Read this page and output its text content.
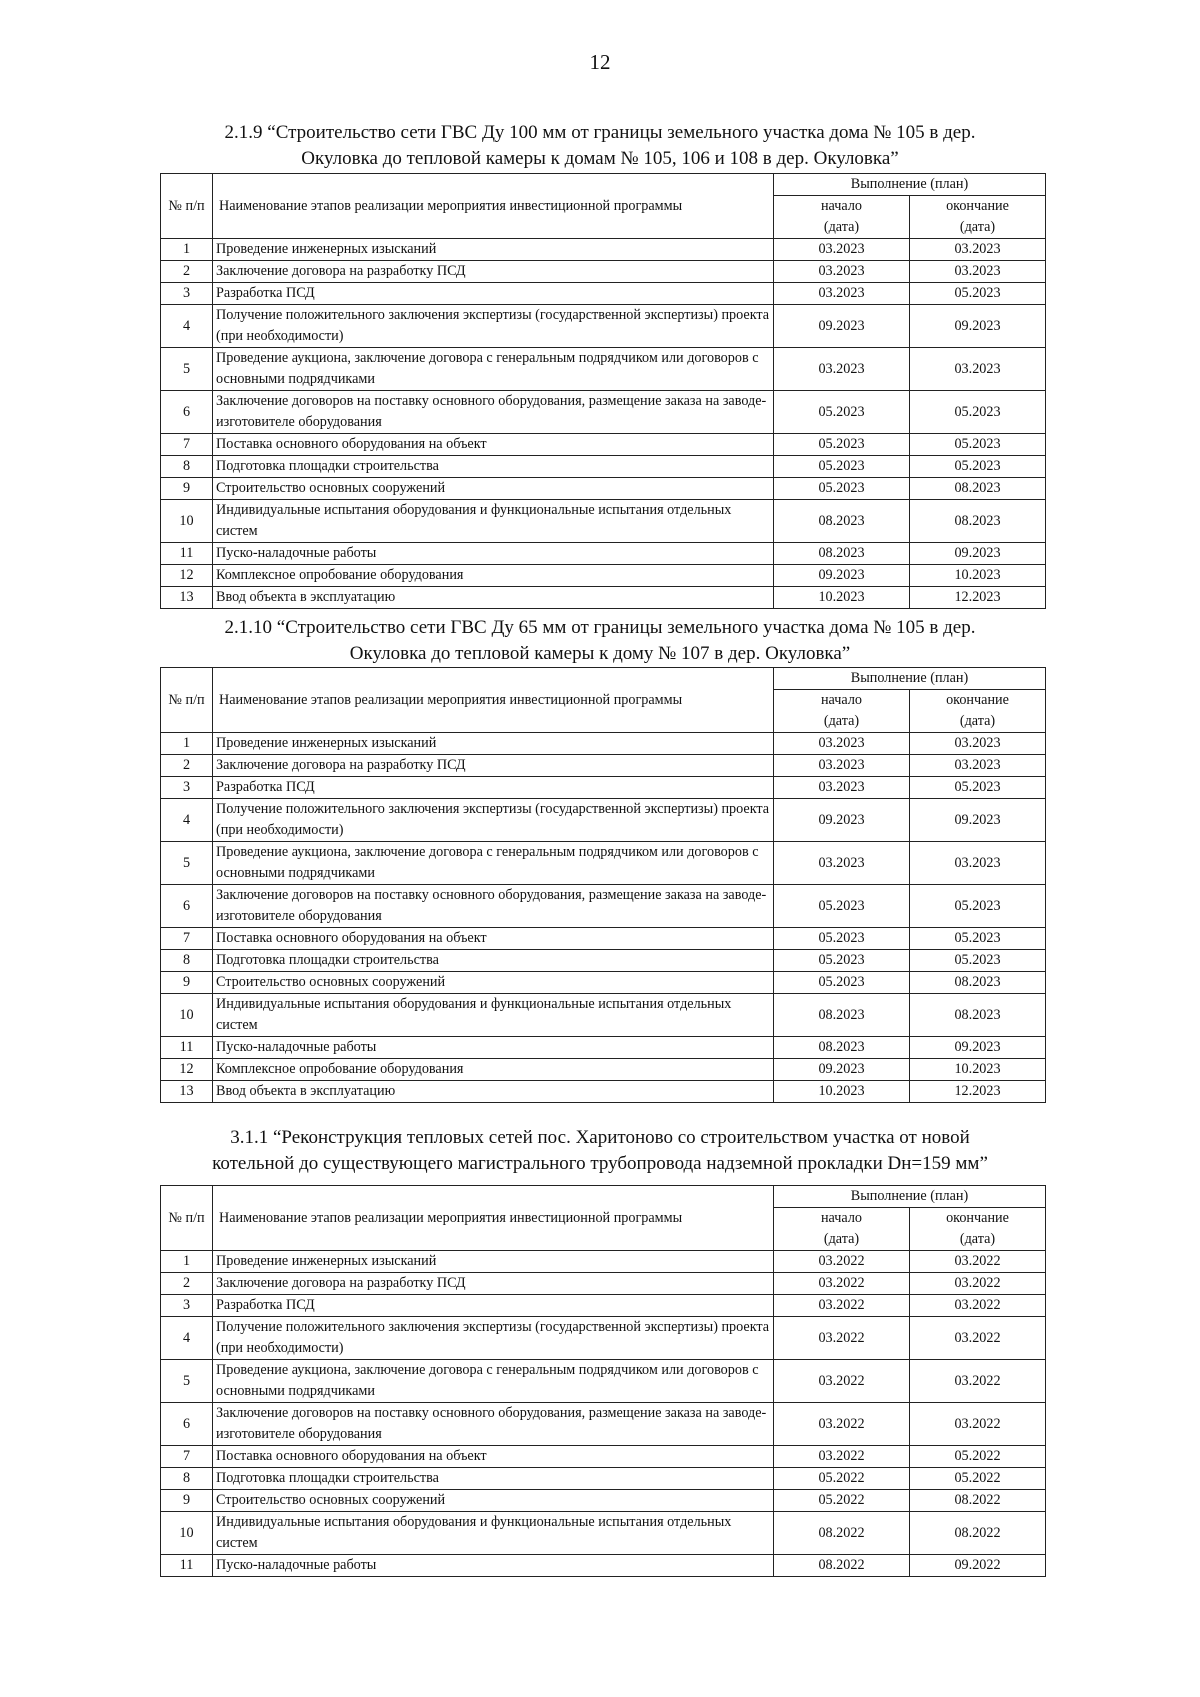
12
2.1.9 “Строительство сети ГВС Ду 100 мм от границы земельного участка дома № 105 в дер.
Окуловка до тепловой камеры к домам № 105, 106 и 108 в дер. Окуловка”
№ п/п	Наименование этапов реализации мероприятия инвестиционной программы	Выполнение (план)	
		начало	окончание
		(дата)	(дата)
1	Проведение инженерных изысканий	03.2023	03.2023
2	Заключение договора на разработку ПСД	03.2023	03.2023
3	Разработка ПСД	03.2023	05.2023
4	Получение положительного заключения экспертизы (государственной экспертизы) проекта (при необходимости)	09.2023	09.2023
5	Проведение аукциона, заключение договора с генеральным подрядчиком или договоров с основными подрядчиками	03.2023	03.2023
6	Заключение договоров на поставку основного оборудования, размещение заказа на заводе-изготовителе оборудования	05.2023	05.2023
7	Поставка основного оборудования на объект	05.2023	05.2023
8	Подготовка площадки строительства	05.2023	05.2023
9	Строительство основных сооружений	05.2023	08.2023
10	Индивидуальные испытания оборудования и функциональные испытания отдельных систем	08.2023	08.2023
11	Пуско-наладочные работы	08.2023	09.2023
12	Комплексное опробование оборудования	09.2023	10.2023
13	Ввод объекта в эксплуатацию	10.2023	12.2023
2.1.10 “Строительство сети ГВС Ду 65 мм от границы земельного участка дома № 105 в дер.
Окуловка до тепловой камеры к дому № 107 в дер. Окуловка”
№ п/п	Наименование этапов реализации мероприятия инвестиционной программы	Выполнение (план)	
		начало	окончание
		(дата)	(дата)
1	Проведение инженерных изысканий	03.2023	03.2023
2	Заключение договора на разработку ПСД	03.2023	03.2023
3	Разработка ПСД	03.2023	05.2023
4	Получение положительного заключения экспертизы (государственной экспертизы) проекта (при необходимости)	09.2023	09.2023
5	Проведение аукциона, заключение договора с генеральным подрядчиком или договоров с основными подрядчиками	03.2023	03.2023
6	Заключение договоров на поставку основного оборудования, размещение заказа на заводе-изготовителе оборудования	05.2023	05.2023
7	Поставка основного оборудования на объект	05.2023	05.2023
8	Подготовка площадки строительства	05.2023	05.2023
9	Строительство основных сооружений	05.2023	08.2023
10	Индивидуальные испытания оборудования и функциональные испытания отдельных систем	08.2023	08.2023
11	Пуско-наладочные работы	08.2023	09.2023
12	Комплексное опробование оборудования	09.2023	10.2023
13	Ввод объекта в эксплуатацию	10.2023	12.2023
3.1.1 “Реконструкция тепловых сетей пос. Харитоново со строительством участка от новой
котельной до существующего магистрального трубопровода надземной прокладки Dн=159 мм”
№ п/п	Наименование этапов реализации мероприятия инвестиционной программы	Выполнение (план)	
		начало	окончание
		(дата)	(дата)
1	Проведение инженерных изысканий	03.2022	03.2022
2	Заключение договора на разработку ПСД	03.2022	03.2022
3	Разработка ПСД	03.2022	03.2022
4	Получение положительного заключения экспертизы (государственной экспертизы) проекта (при необходимости)	03.2022	03.2022
5	Проведение аукциона, заключение договора с генеральным подрядчиком или договоров с основными подрядчиками	03.2022	03.2022
6	Заключение договоров на поставку основного оборудования, размещение заказа на заводе-изготовителе оборудования	03.2022	03.2022
7	Поставка основного оборудования на объект	03.2022	05.2022
8	Подготовка площадки строительства	05.2022	05.2022
9	Строительство основных сооружений	05.2022	08.2022
10	Индивидуальные испытания оборудования и функциональные испытания отдельных систем	08.2022	08.2022
11	Пуско-наладочные работы	08.2022	09.2022
